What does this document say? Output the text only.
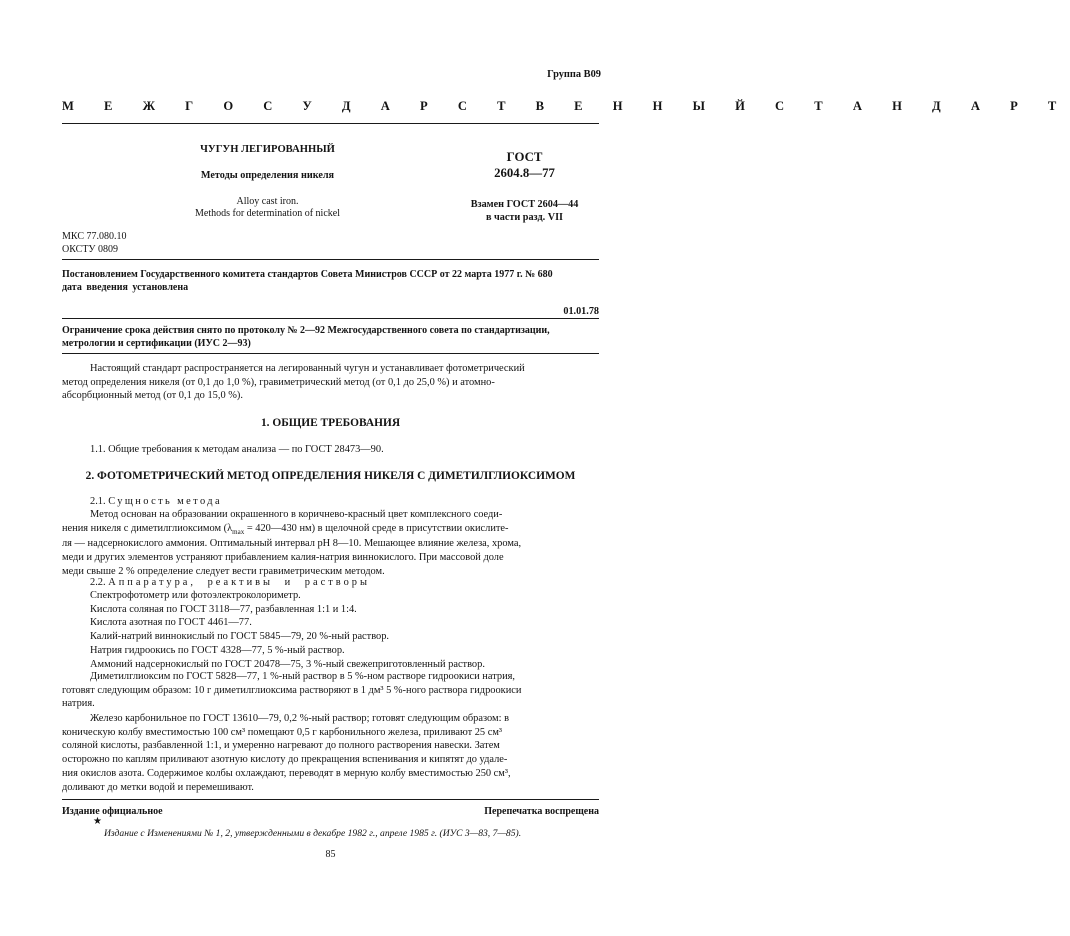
Группа В09
М Е Ж Г О С У Д А Р С Т В Е Н Н Ы Й С Т А Н Д А Р Т
ЧУГУН ЛЕГИРОВАННЫЙ
Методы определения никеля
Alloy cast iron.
Methods for determination of nickel
ГОСТ
2604.8—77
Взамен ГОСТ 2604—44
в части разд. VII
МКС 77.080.10
ОКСТУ 0809
Постановлением Государственного комитета стандартов Совета Министров СССР от 22 марта 1977 г. № 680
дата введения установлена
01.01.78
Ограничение срока действия снято по протоколу № 2—92 Межгосударственного совета по стандартизации,
метрологии и сертификации (ИУС 2—93)
Настоящий стандарт распространяется на легированный чугун и устанавливает фотометрический
метод определения никеля (от 0,1 до 1,0 %), гравиметрический метод (от 0,1 до 25,0 %) и атомно-
абсорбционный метод (от 0,1 до 15,0 %).
1. ОБЩИЕ ТРЕБОВАНИЯ
1.1. Общие требования к методам анализа — по ГОСТ 28473—90.
2. ФОТОМЕТРИЧЕСКИЙ МЕТОД ОПРЕДЕЛЕНИЯ НИКЕЛЯ С ДИМЕТИЛГЛИОКСИМОМ
2.1. Сущность метода
Метод основан на образовании окрашенного в коричнево-красный цвет комплексного соеди-
нения никеля с диметилглиоксимом ($\lambda_{max}$ = 420—430 нм) в щелочной среде в присутствии окислите-
ля — надсернокислого аммония. Оптимальный интервал pH 8—10. Мешающее влияние железа, хрома,
меди и других элементов устраняют прибавлением калия-натрия виннокислого. При массовой доле
меди свыше 2 % определение следует вести гравиметрическим методом.
2.2. Аппаратура, реактивы и растворы
Спектрофотометр или фотоэлектроколориметр.
Кислота соляная по ГОСТ 3118—77, разбавленная 1:1 и 1:4.
Кислота азотная по ГОСТ 4461—77.
Калий-натрий виннокислый по ГОСТ 5845—79, 20 %-ный раствор.
Натрия гидроокись по ГОСТ 4328—77, 5 %-ный раствор.
Аммоний надсернокислый по ГОСТ 20478—75, 3 %-ный свежеприготовленный раствор.
Диметилглиоксим по ГОСТ 5828—77, 1 %-ный раствор в 5 %-ном растворе гидроокиси натрия,
готовят следующим образом: 10 г диметилглиоксима растворяют в 1 дм³ 5 %-ного раствора гидроокиси
натрия.
Железо карбонильное по ГОСТ 13610—79, 0,2 %-ный раствор; готовят следующим образом: в
коническую колбу вместимостью 100 см³ помещают 0,5 г карбонильного железа, приливают 25 см³
соляной кислоты, разбавленной 1:1, и умеренно нагревают до полного растворения навески. Затем
осторожно по каплям приливают азотную кислоту до прекращения вспенивания и кипятят до удале-
ния окислов азота. Содержимое колбы охлаждают, переводят в мерную колбу вместимостью 250 см³,
доливают до метки водой и перемешивают.
Издание официальное	Перепечатка воспрещена
★
Издание с Изменениями № 1, 2, утвержденными в декабре 1982 г., апреле 1985 г. (ИУС 3—83, 7—85).
85
